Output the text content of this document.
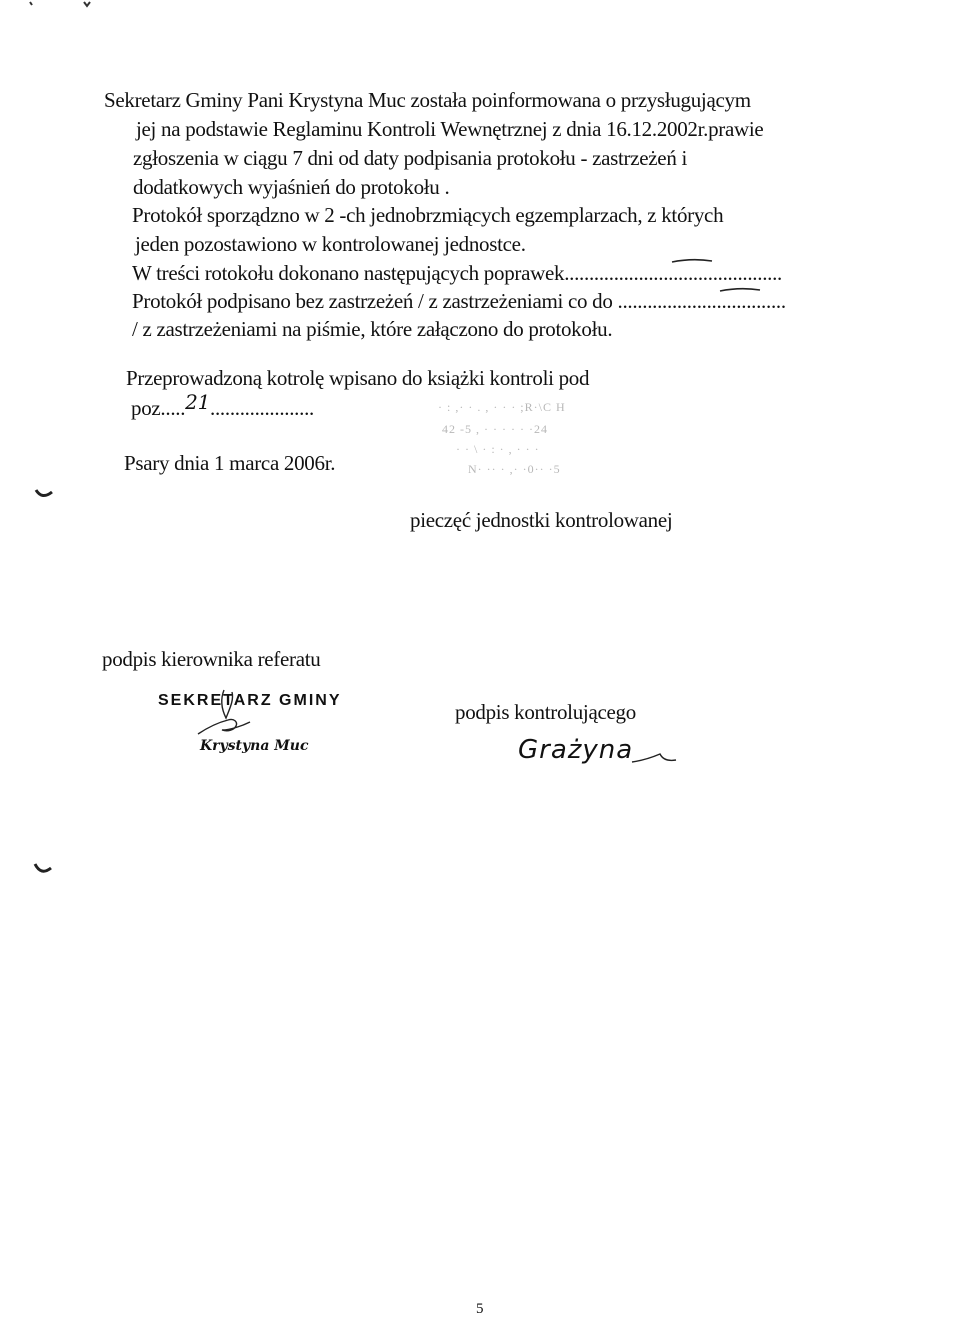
Sekretarz Gminy Pani Krystyna Muc została poinformowana o przysługującym
jej na podstawie Reglaminu Kontroli Wewnętrznej z dnia 16.12.2002r.prawie
zgłoszenia w ciągu 7 dni od daty podpisania protokołu - zastrzeżeń i
dodatkowych wyjaśnień do protokołu .
Protokół sporządzno w 2 -ch jednobrzmiących egzemplarzach, z których
jeden pozostawiono w kontrolowanej jednostce.
W treści rotokołu dokonano następujących poprawek............................................
Protokół podpisano bez zastrzeżeń / z zastrzeżeniami co do ..................................
/ z zastrzeżeniami na piśmie, które załączono do protokołu.
Przeprowadzoną kotrolę wpisano do książki kontroli pod
poz.....21.....................	· : ,· · . , · · · ;R·\C H
42 -5 , · · · · · ·24
· · \ · : · , · · ·
N· ·· · ,· ·0·· ·5
Psary dnia 1 marca 2006r.
pieczęć jednostki kontrolowanej
podpis kierownika referatu
SEKRETARZ GMINY
Krystyna Muc
podpis kontrolującego
Grażyna
5
